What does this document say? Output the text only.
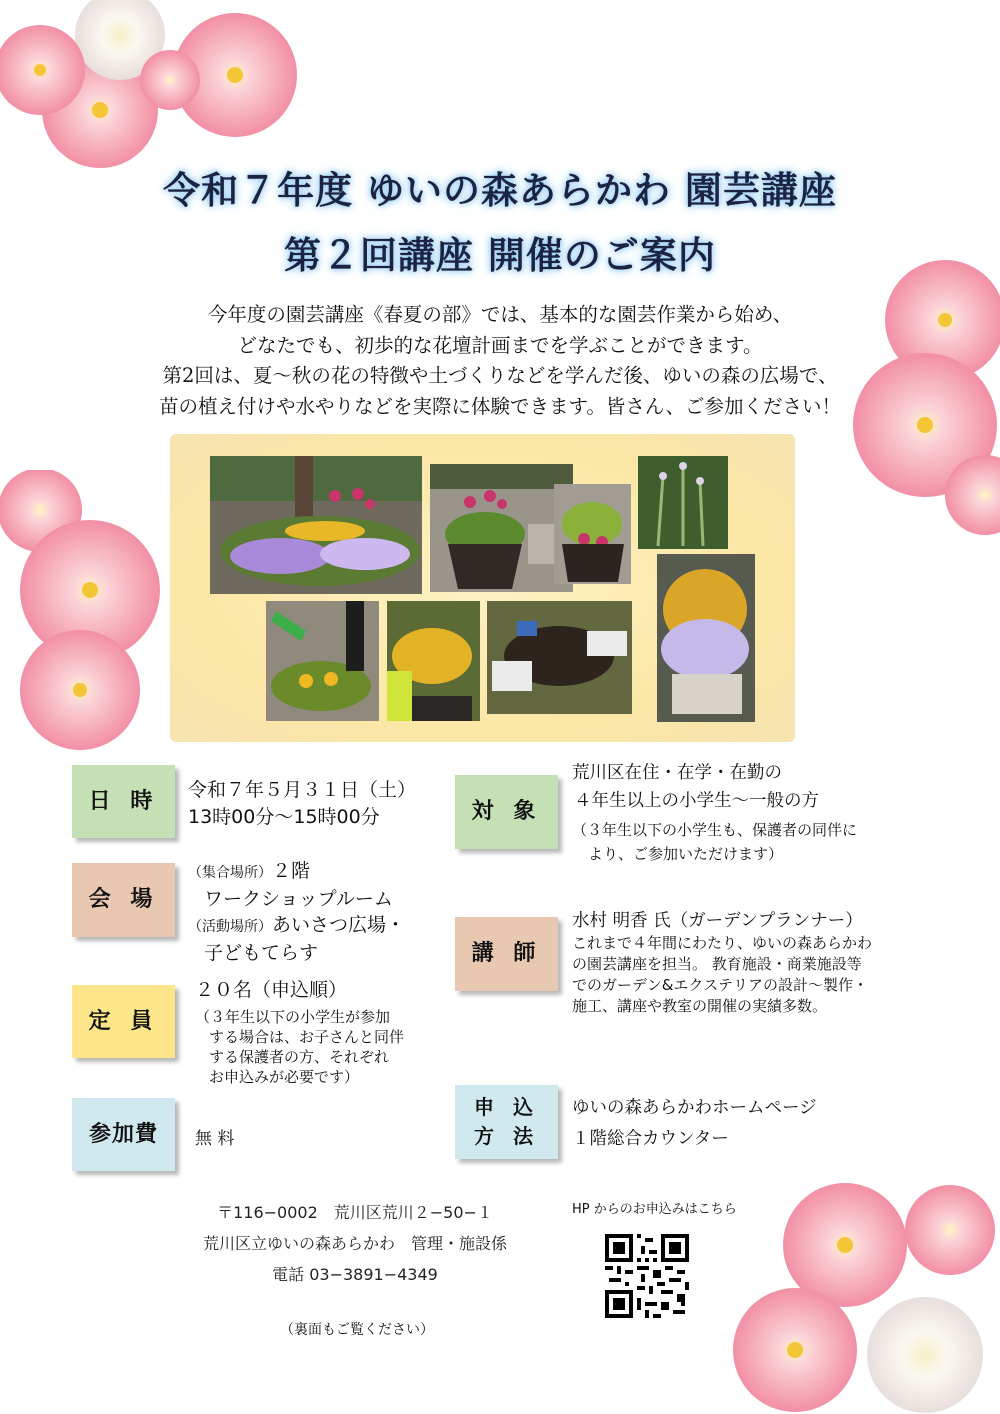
令和７年度 ゆいの森あらかわ 園芸講座
第２回講座 開催のご案内
今年度の園芸講座《春夏の部》では、基本的な園芸作業から始め、
どなたでも、初歩的な花壇計画までを学ぶことができます。
第2回は、夏～秋の花の特徴や土づくりなどを学んだ後、ゆいの森の広場で、
苗の植え付けや水やりなどを実際に体験できます。皆さん、ご参加ください！
日 時	令和７年５月３１日（土）
13時00分～15時00分
会 場
（集合場所）２階
ワークショップルーム
（活動場所）あいさつ広場・
子どもてらす
定 員
２０名（申込順）
（３年生以下の小学生が参加
する場合は、お子さんと同伴
する保護者の方、それぞれ
お申込みが必要です）
参加費	無 料
対 象
荒川区在住・在学・在勤の
４年生以上の小学生～一般の方
（３年生以下の小学生も、保護者の同伴に
より、ご参加いただけます）
講 師
水村 明香 氏（ガーデンプランナー）
これまで４年間にわたり、ゆいの森あらかわ
の園芸講座を担当。 教育施設・商業施設等
でのガーデン&エクステリアの設計～製作・
施工、講座や教室の開催の実績多数。
申 込
方 法
ゆいの森あらかわホームページ
１階総合カウンター
〒116−0002　荒川区荒川２−50−１
荒川区立ゆいの森あらかわ　管理・施設係
電話 03−3891−4349
（裏面もご覧ください）
HP からのお申込みはこちら
